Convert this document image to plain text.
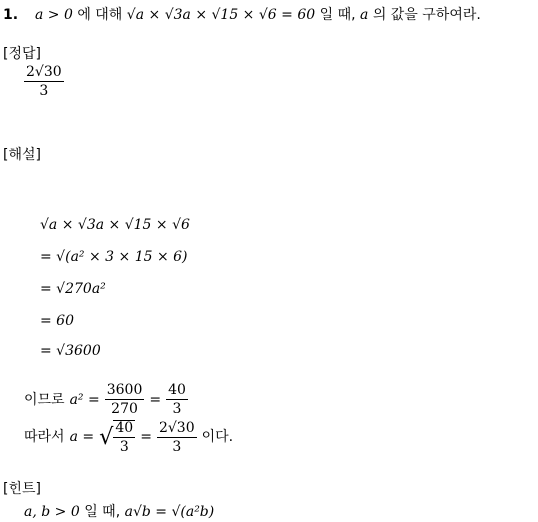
1. a > 0 에 대해 √a × √3a × √15 × √6 = 60 일 때, a 의 값을 구하여라.
[정답]
$\frac{2√30}{3}$
[해설]
√a × √3a × √15 × √6
= √(a² × 3 × 15 × 6)
= √270a²
= 60
= √3600
이므로 $a^2 = \frac{3600}{270} = \frac{40}{3}$
따라서 a = √ $\frac{40}{3} = \frac{2√30}{3}$ 이다.
[힌트]
a, b > 0 일 때, a√b = √(a²b)
